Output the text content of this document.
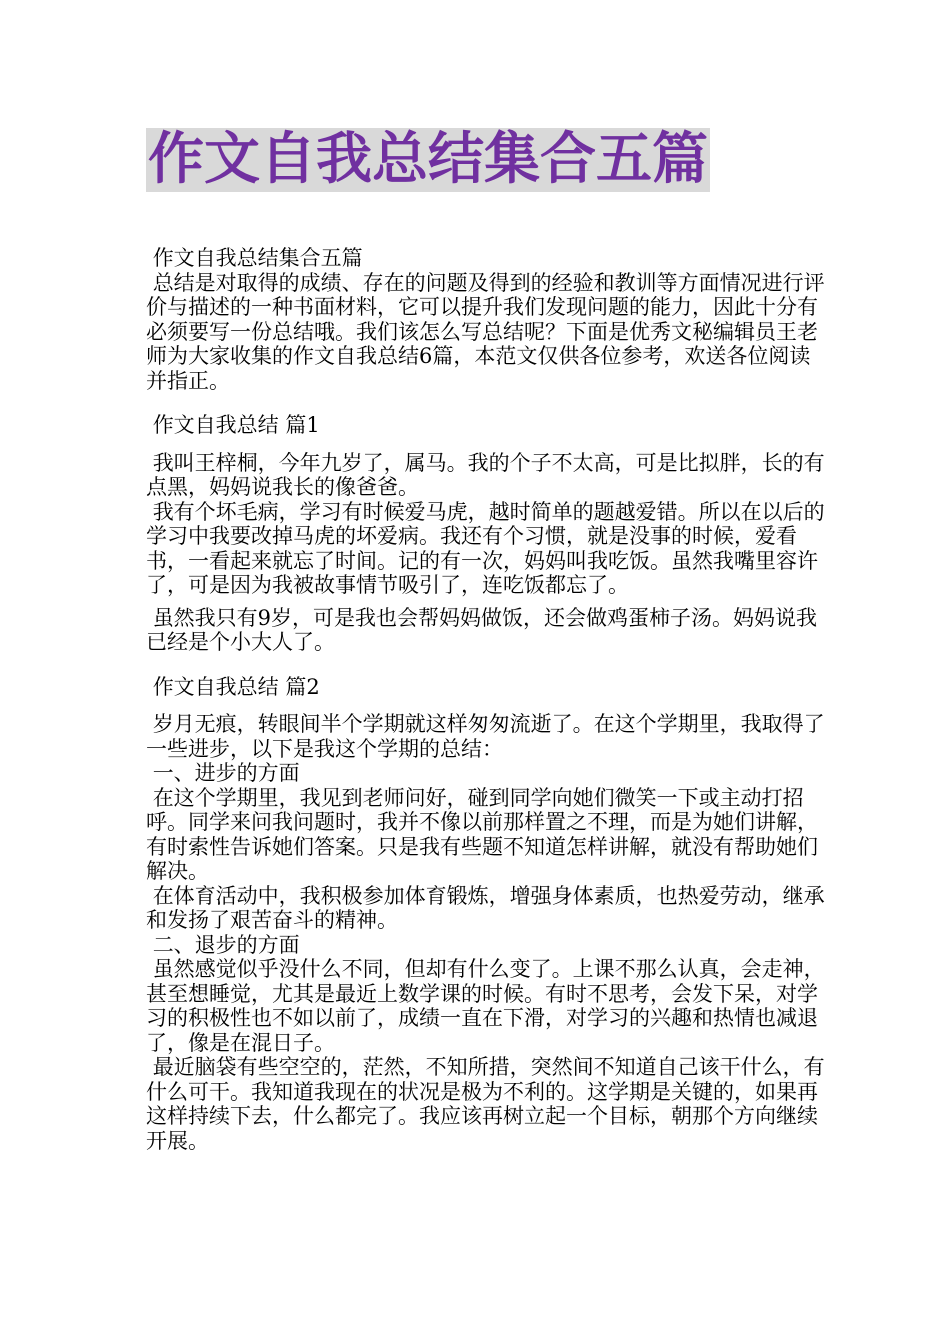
作文自我总结集合五篇

作文自我总结集合五篇

总结是对取得的成绩、存在的问题及得到的经验和教训等方面情况进行评价与描述的一种书面材料，它可以提升我们发现问题的能力，因此十分有必须要写一份总结哦。我们该怎么写总结呢？下面是优秀文秘编辑员王老师为大家收集的作文自我总结6篇，本范文仅供各位参考，欢送各位阅读并指正。

作文自我总结 篇1

我叫王梓桐，今年九岁了，属马。我的个子不太高，可是比拟胖，长的有点黑，妈妈说我长的像爸爸。

我有个坏毛病，学习有时候爱马虎，越时简单的题越爱错。所以在以后的学习中我要改掉马虎的坏爱病。我还有个习惯，就是没事的时候，爱看书，一看起来就忘了时间。记的有一次，妈妈叫我吃饭。虽然我嘴里容许了，可是因为我被故事情节吸引了，连吃饭都忘了。

虽然我只有9岁，可是我也会帮妈妈做饭，还会做鸡蛋柿子汤。妈妈说我已经是个小大人了。

作文自我总结 篇2

岁月无痕，转眼间半个学期就这样匆匆流逝了。在这个学期里，我取得了一些进步，以下是我这个学期的总结：

一、进步的方面

在这个学期里，我见到老师问好，碰到同学向她们微笑一下或主动打招呼。同学来问我问题时，我并不像以前那样置之不理，而是为她们讲解，有时索性告诉她们答案。只是我有些题不知道怎样讲解，就没有帮助她们解决。

在体育活动中，我积极参加体育锻炼，增强身体素质，也热爱劳动，继承和发扬了艰苦奋斗的精神。

二、退步的方面

虽然感觉似乎没什么不同，但却有什么变了。上课不那么认真，会走神，甚至想睡觉，尤其是最近上数学课的时候。有时不思考，会发下呆，对学习的积极性也不如以前了，成绩一直在下滑，对学习的兴趣和热情也减退了，像是在混日子。

最近脑袋有些空空的，茫然，不知所措，突然间不知道自己该干什么，有什么可干。我知道我现在的状况是极为不利的。这学期是关键的，如果再这样持续下去，什么都完了。我应该再树立起一个目标，朝那个方向继续开展。
